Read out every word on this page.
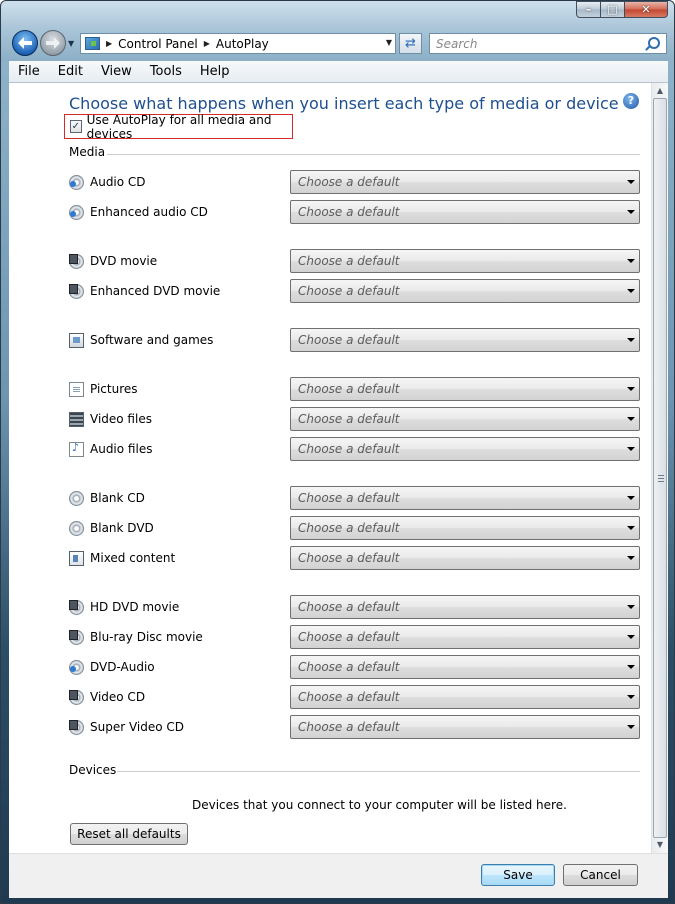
– □ ✕
▼	▶ Control Panel ▶ AutoPlay	▼ ⇄
Search
File	Edit	View	Tools	Help
Choose what happens when you insert each type of media or device ?
✓ Use AutoPlay for all media and devices
Media
Audio CD	Choose a default
Enhanced audio CD	Choose a default
DVD movie	Choose a default
Enhanced DVD movie	Choose a default
Software and games	Choose a default
Pictures	Choose a default
Video files	Choose a default
♪
Audio files	Choose a default
Blank CD	Choose a default
Blank DVD	Choose a default
Mixed content	Choose a default
HD DVD movie	Choose a default
Blu-ray Disc movie	Choose a default
DVD-Audio	Choose a default
Video CD	Choose a default
Super Video CD	Choose a default
Devices
Devices that you connect to your computer will be listed here.
Reset all defaults
▲
▼
Save	Cancel
